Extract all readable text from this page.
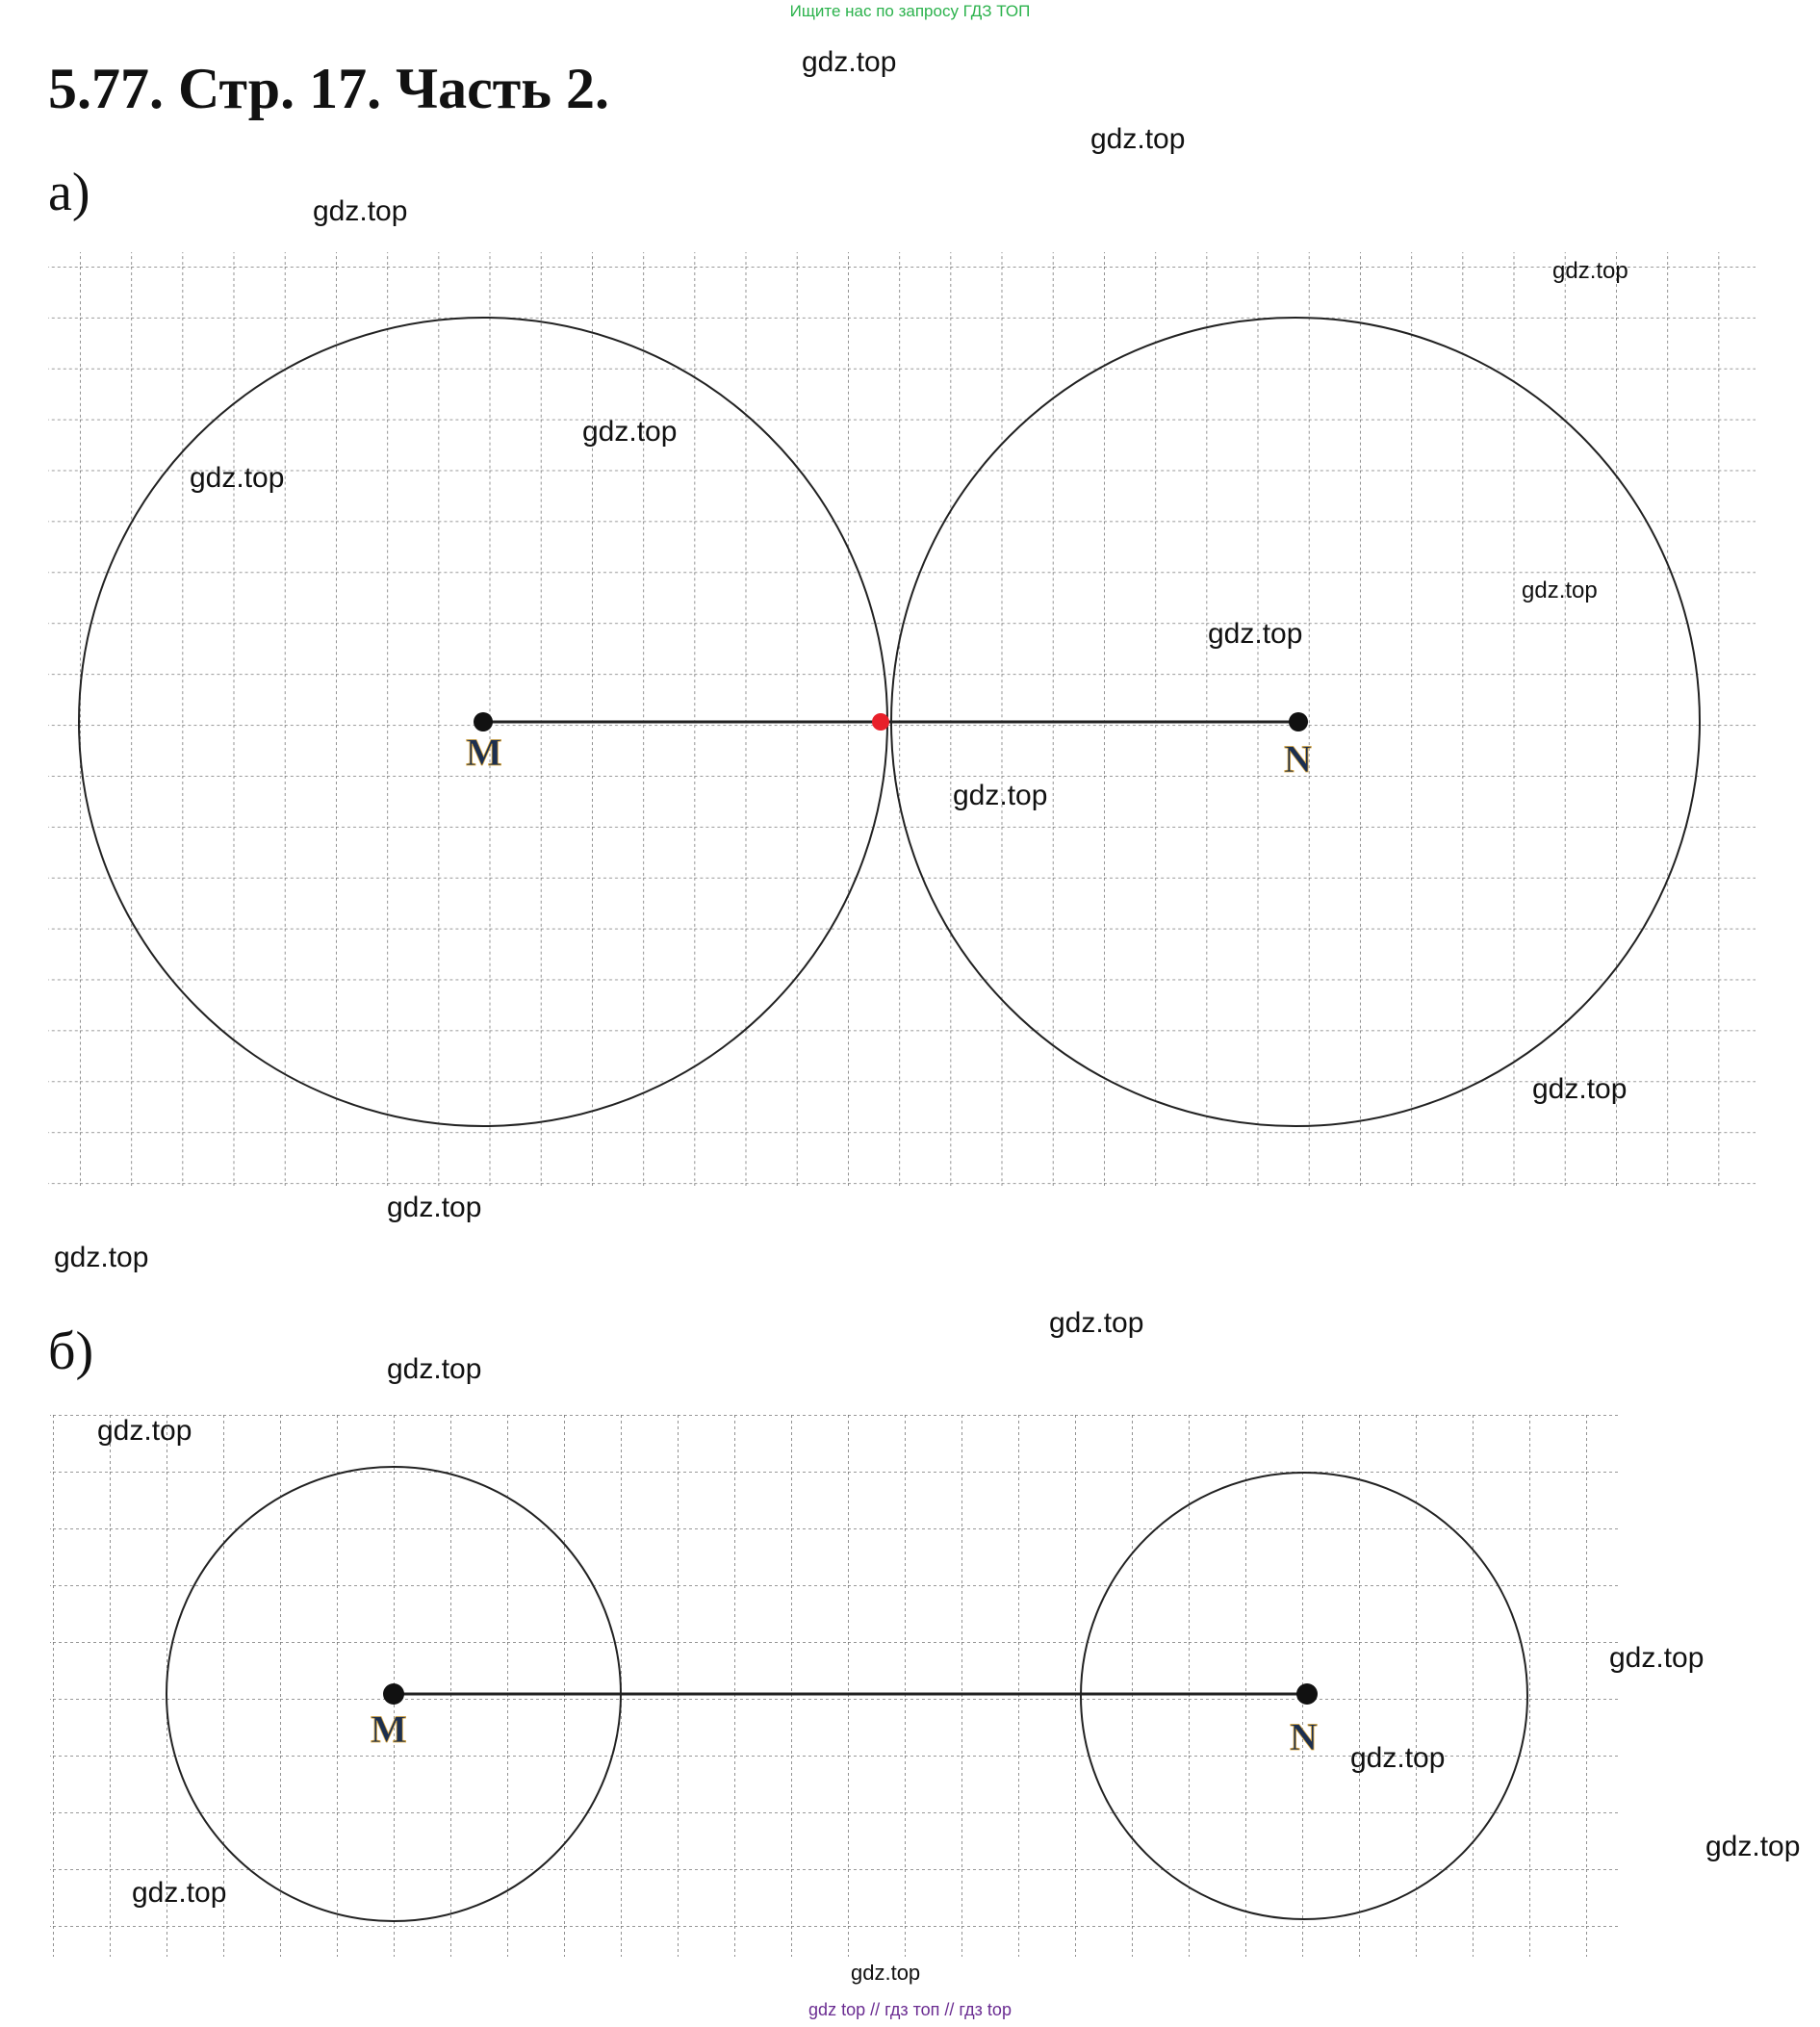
Ищите нас по запросу ГДЗ ТОП
5.77. Стр. 17. Часть 2.
а)
б)
M	N
M	N
gdz.top
gdz.top
gdz.top
gdz.top
gdz.top
gdz.top
gdz.top
gdz.top
gdz.top
gdz.top
gdz.top
gdz.top
gdz.top
gdz.top
gdz.top
gdz.top
gdz.top
gdz.top
gdz.top
gdz.top
gdz top // гдз топ // гдз top
